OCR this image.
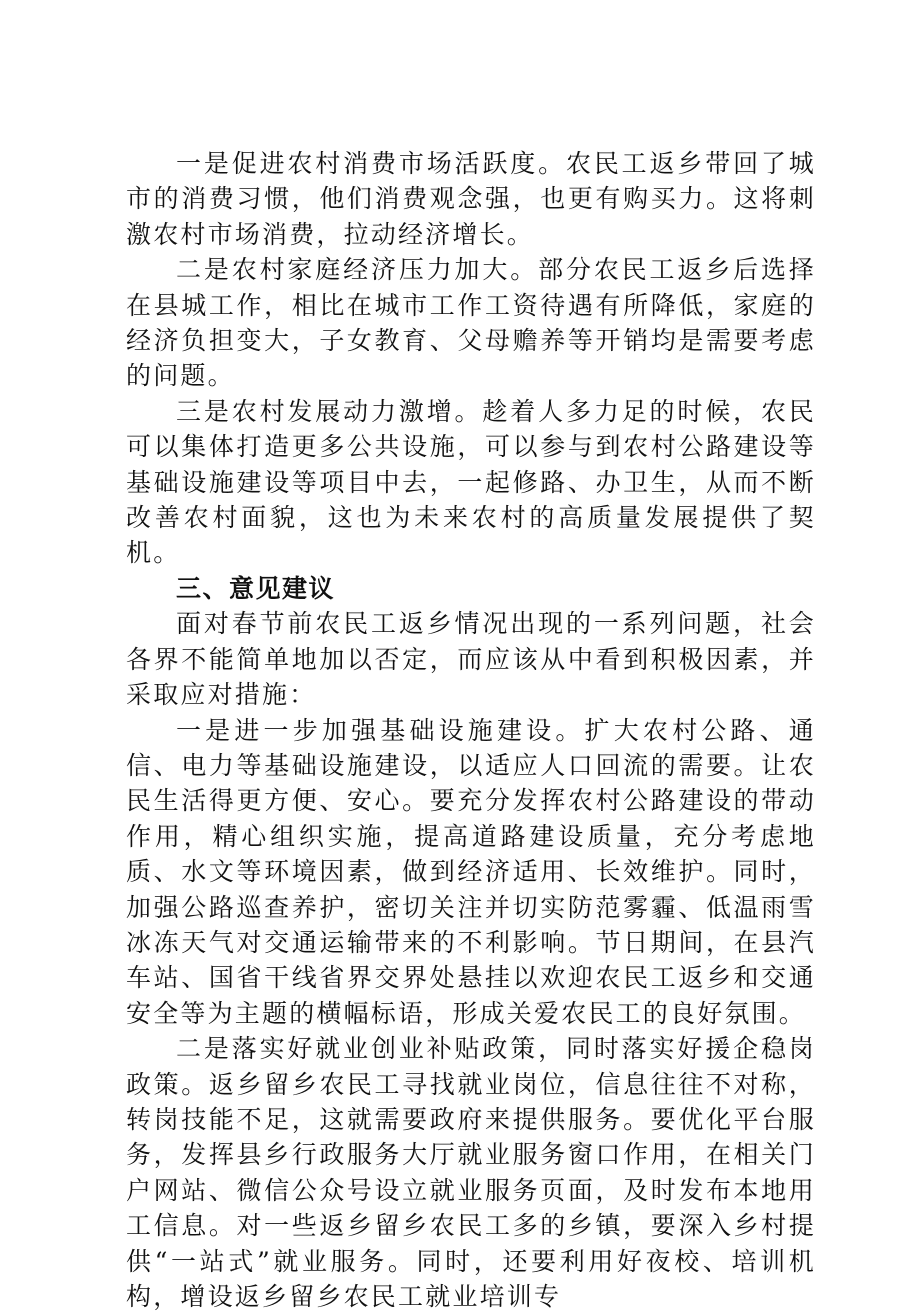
一是促进农村消费市场活跃度。农民工返乡带回了城市的消费习惯，他们消费观念强，也更有购买力。这将刺激农村市场消费，拉动经济增长。

二是农村家庭经济压力加大。部分农民工返乡后选择在县城工作，相比在城市工作工资待遇有所降低，家庭的经济负担变大，子女教育、父母赡养等开销均是需要考虑的问题。

三是农村发展动力激增。趁着人多力足的时候，农民可以集体打造更多公共设施，可以参与到农村公路建设等基础设施建设等项目中去，一起修路、办卫生，从而不断改善农村面貌，这也为未来农村的高质量发展提供了契机。

三、意见建议

面对春节前农民工返乡情况出现的一系列问题，社会各界不能简单地加以否定，而应该从中看到积极因素，并采取应对措施：

一是进一步加强基础设施建设。扩大农村公路、通信、电力等基础设施建设，以适应人口回流的需要。让农民生活得更方便、安心。要充分发挥农村公路建设的带动作用，精心组织实施，提高道路建设质量，充分考虑地质、水文等环境因素，做到经济适用、长效维护。同时，加强公路巡查养护，密切关注并切实防范雾霾、低温雨雪冰冻天气对交通运输带来的不利影响。节日期间，在县汽车站、国省干线省界交界处悬挂以欢迎农民工返乡和交通安全等为主题的横幅标语，形成关爱农民工的良好氛围。

二是落实好就业创业补贴政策，同时落实好援企稳岗政策。返乡留乡农民工寻找就业岗位，信息往往不对称，转岗技能不足，这就需要政府来提供服务。要优化平台服务，发挥县乡行政服务大厅就业服务窗口作用，在相关门户网站、微信公众号设立就业服务页面，及时发布本地用工信息。对一些返乡留乡农民工多的乡镇，要深入乡村提供“一站式”就业服务。同时，还要利用好夜校、培训机构，增设返乡留乡农民工就业培训专
